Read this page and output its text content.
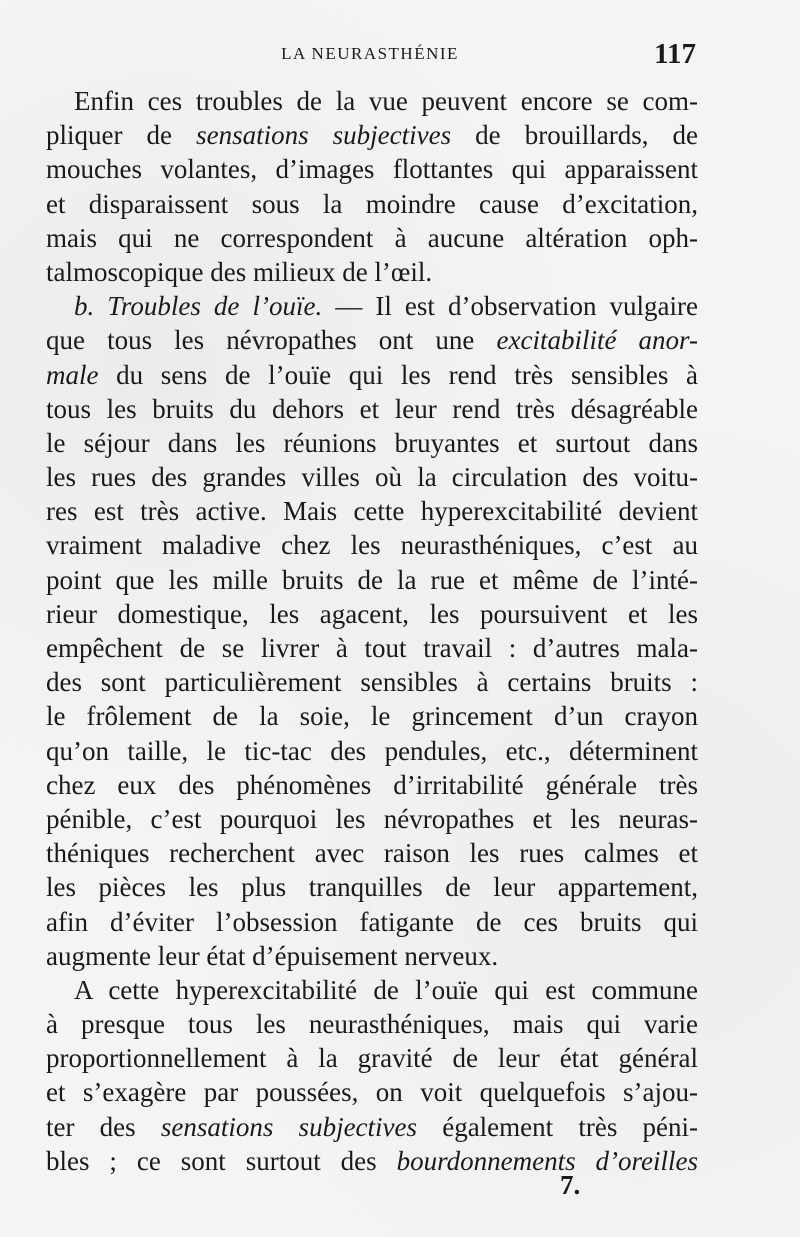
LA NEURASTHÉNIE	117
Enfin ces troubles de la vue peuvent encore se com-
pliquer de sensations subjectives de brouillards, de
mouches volantes, d’images flottantes qui apparaissent
et disparaissent sous la moindre cause d’excitation,
mais qui ne correspondent à aucune altération oph-
talmoscopique des milieux de l’œil.
b. Troubles de l’ouïe. — Il est d’observation vulgaire
que tous les névropathes ont une excitabilité anor-
male du sens de l’ouïe qui les rend très sensibles à
tous les bruits du dehors et leur rend très désagréable
le séjour dans les réunions bruyantes et surtout dans
les rues des grandes villes où la circulation des voitu-
res est très active. Mais cette hyperexcitabilité devient
vraiment maladive chez les neurasthéniques, c’est au
point que les mille bruits de la rue et même de l’inté-
rieur domestique, les agacent, les poursuivent et les
empêchent de se livrer à tout travail : d’autres mala-
des sont particulièrement sensibles à certains bruits :
le frôlement de la soie, le grincement d’un crayon
qu’on taille, le tic-tac des pendules, etc., déterminent
chez eux des phénomènes d’irritabilité générale très
pénible, c’est pourquoi les névropathes et les neuras-
théniques recherchent avec raison les rues calmes et
les pièces les plus tranquilles de leur appartement,
afin d’éviter l’obsession fatigante de ces bruits qui
augmente leur état d’épuisement nerveux.
A cette hyperexcitabilité de l’ouïe qui est commune
à presque tous les neurasthéniques, mais qui varie
proportionnellement à la gravité de leur état général
et s’exagère par poussées, on voit quelquefois s’ajou-
ter des sensations subjectives également très péni-
bles ; ce sont surtout des bourdonnements d’oreilles
7.
